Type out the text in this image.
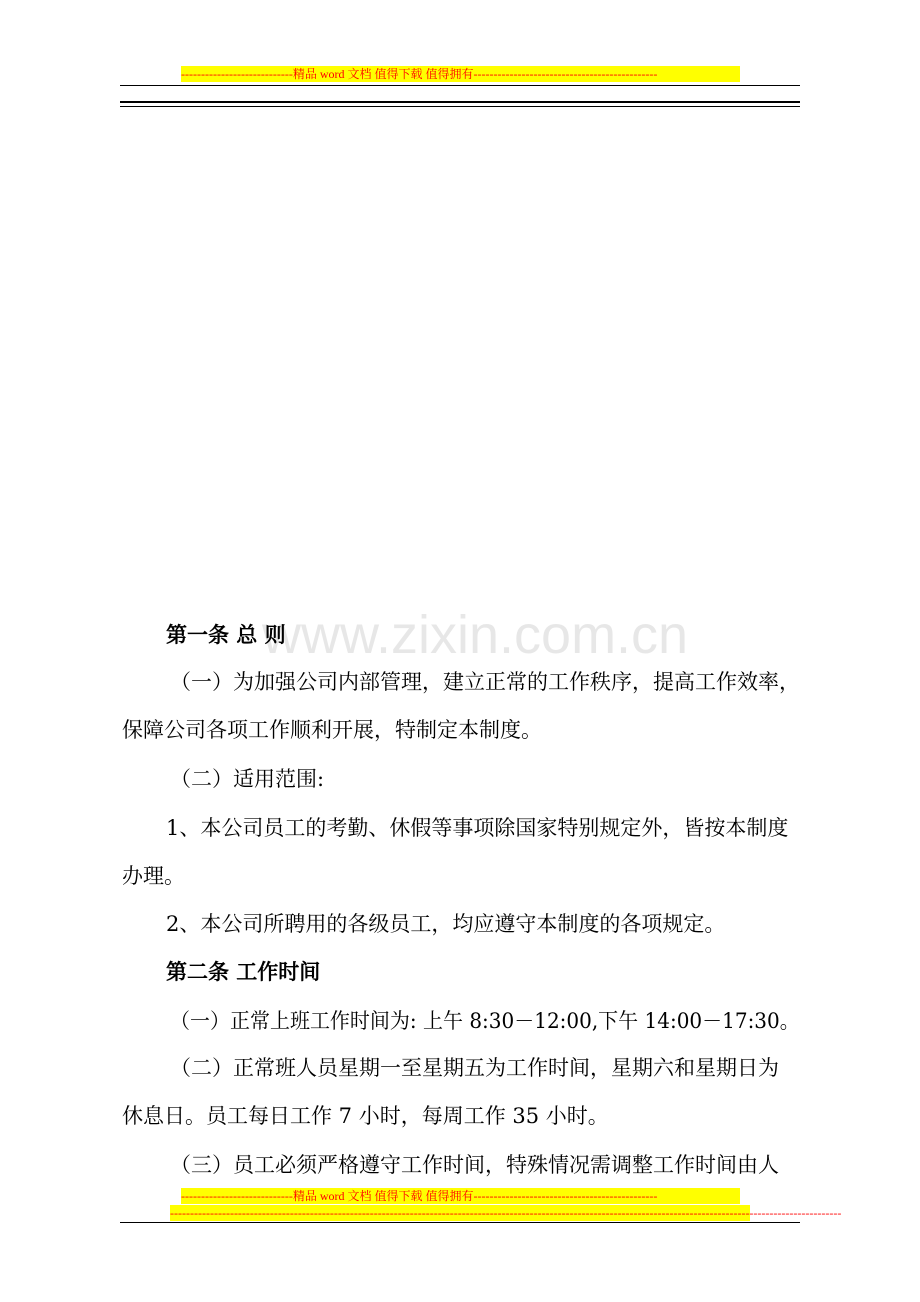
----------------------------精品 word 文档 值得下载 值得拥有----------------------------------------------
www.zixin.com.cn
第一条 总 则
（一）为加强公司内部管理，建立正常的工作秩序，提高工作效率，
保障公司各项工作顺利开展，特制定本制度。
（二）适用范围:
1、本公司员工的考勤、休假等事项除国家特别规定外，皆按本制度
办理。
2、本公司所聘用的各级员工，均应遵守本制度的各项规定。
第二条 工作时间
（一）正常上班工作时间为: 上午 8:30－12:00,下午 14:00－17:30。
（二）正常班人员星期一至星期五为工作时间，星期六和星期日为
休息日。员工每日工作 7 小时，每周工作 35 小时。
（三）员工必须严格遵守工作时间，特殊情况需调整工作时间由人
----------------------------精品 word 文档 值得下载 值得拥有----------------------------------------------
------------------------------------------------------------------------------------------------------------------------------------------------------------------------
